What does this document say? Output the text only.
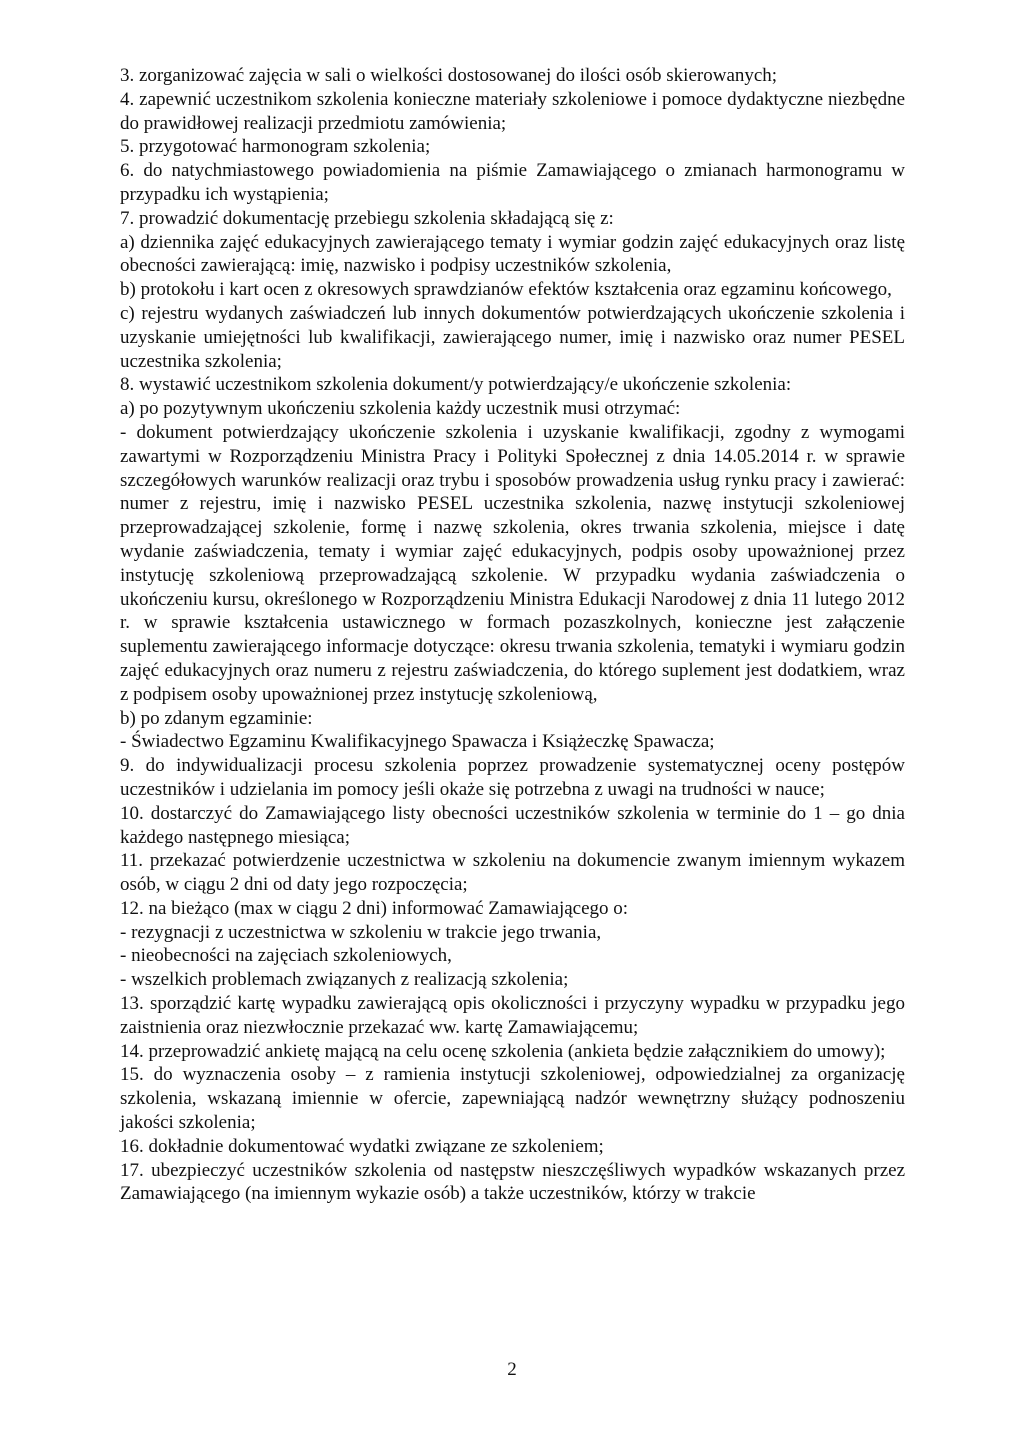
3. zorganizować zajęcia w sali o wielkości dostosowanej do ilości osób skierowanych;

4. zapewnić uczestnikom szkolenia konieczne materiały szkoleniowe i pomoce dydaktyczne niezbędne do prawidłowej realizacji przedmiotu zamówienia;

5. przygotować harmonogram szkolenia;

6. do natychmiastowego powiadomienia na piśmie Zamawiającego o zmianach harmonogramu w przypadku ich wystąpienia;

7. prowadzić dokumentację przebiegu szkolenia składającą się z:

a) dziennika zajęć edukacyjnych zawierającego tematy i wymiar godzin zajęć edukacyjnych oraz listę obecności zawierającą: imię, nazwisko i podpisy uczestników szkolenia,

b) protokołu i kart ocen z okresowych sprawdzianów efektów kształcenia oraz egzaminu końcowego,

c) rejestru wydanych zaświadczeń lub innych dokumentów potwierdzających ukończenie szkolenia i uzyskanie umiejętności lub kwalifikacji, zawierającego numer, imię i nazwisko oraz numer PESEL uczestnika szkolenia;

8. wystawić uczestnikom szkolenia dokument/y potwierdzający/e ukończenie szkolenia:

a) po pozytywnym ukończeniu szkolenia każdy uczestnik musi otrzymać:

- dokument potwierdzający ukończenie szkolenia i uzyskanie kwalifikacji, zgodny z wymogami zawartymi w Rozporządzeniu Ministra Pracy i Polityki Społecznej z dnia 14.05.2014 r. w sprawie szczegółowych warunków realizacji oraz trybu i sposobów prowadzenia usług rynku pracy i zawierać: numer z rejestru, imię i nazwisko PESEL uczestnika szkolenia, nazwę instytucji szkoleniowej przeprowadzającej szkolenie, formę i nazwę szkolenia, okres trwania szkolenia, miejsce i datę wydanie zaświadczenia, tematy i wymiar zajęć edukacyjnych, podpis osoby upoważnionej przez instytucję szkoleniową przeprowadzającą szkolenie. W przypadku wydania zaświadczenia o ukończeniu kursu, określonego w Rozporządzeniu Ministra Edukacji Narodowej z dnia 11 lutego 2012 r. w sprawie kształcenia ustawicznego w formach pozaszkolnych, konieczne jest załączenie suplementu zawierającego informacje dotyczące: okresu trwania szkolenia, tematyki i wymiaru godzin zajęć edukacyjnych oraz numeru z rejestru zaświadczenia, do którego suplement jest dodatkiem, wraz z podpisem osoby upoważnionej przez instytucję szkoleniową,

b) po zdanym egzaminie:

- Świadectwo Egzaminu Kwalifikacyjnego Spawacza i Książeczkę Spawacza;

9. do indywidualizacji procesu szkolenia poprzez prowadzenie systematycznej oceny postępów uczestników i udzielania im pomocy jeśli okaże się potrzebna z uwagi na trudności w nauce;

10. dostarczyć do Zamawiającego listy obecności uczestników szkolenia w terminie do 1 – go dnia każdego następnego miesiąca;

11. przekazać potwierdzenie uczestnictwa w szkoleniu na dokumencie zwanym imiennym wykazem osób, w ciągu 2 dni od daty jego rozpoczęcia;

12. na bieżąco (max w ciągu 2 dni) informować Zamawiającego o:

- rezygnacji z uczestnictwa w szkoleniu w trakcie jego trwania,

- nieobecności na zajęciach szkoleniowych,

- wszelkich problemach związanych z realizacją szkolenia;

13. sporządzić kartę wypadku zawierającą opis okoliczności i przyczyny wypadku w przypadku jego zaistnienia oraz niezwłocznie przekazać ww. kartę Zamawiającemu;

14. przeprowadzić ankietę mającą na celu ocenę szkolenia (ankieta będzie załącznikiem do umowy);

15. do wyznaczenia osoby – z ramienia instytucji szkoleniowej, odpowiedzialnej za organizację szkolenia, wskazaną imiennie w ofercie, zapewniającą nadzór wewnętrzny służący podnoszeniu jakości szkolenia;

16. dokładnie dokumentować wydatki związane ze szkoleniem;

17. ubezpieczyć uczestników szkolenia od następstw nieszczęśliwych wypadków wskazanych przez Zamawiającego (na imiennym wykazie osób) a także uczestników, którzy w trakcie

2
